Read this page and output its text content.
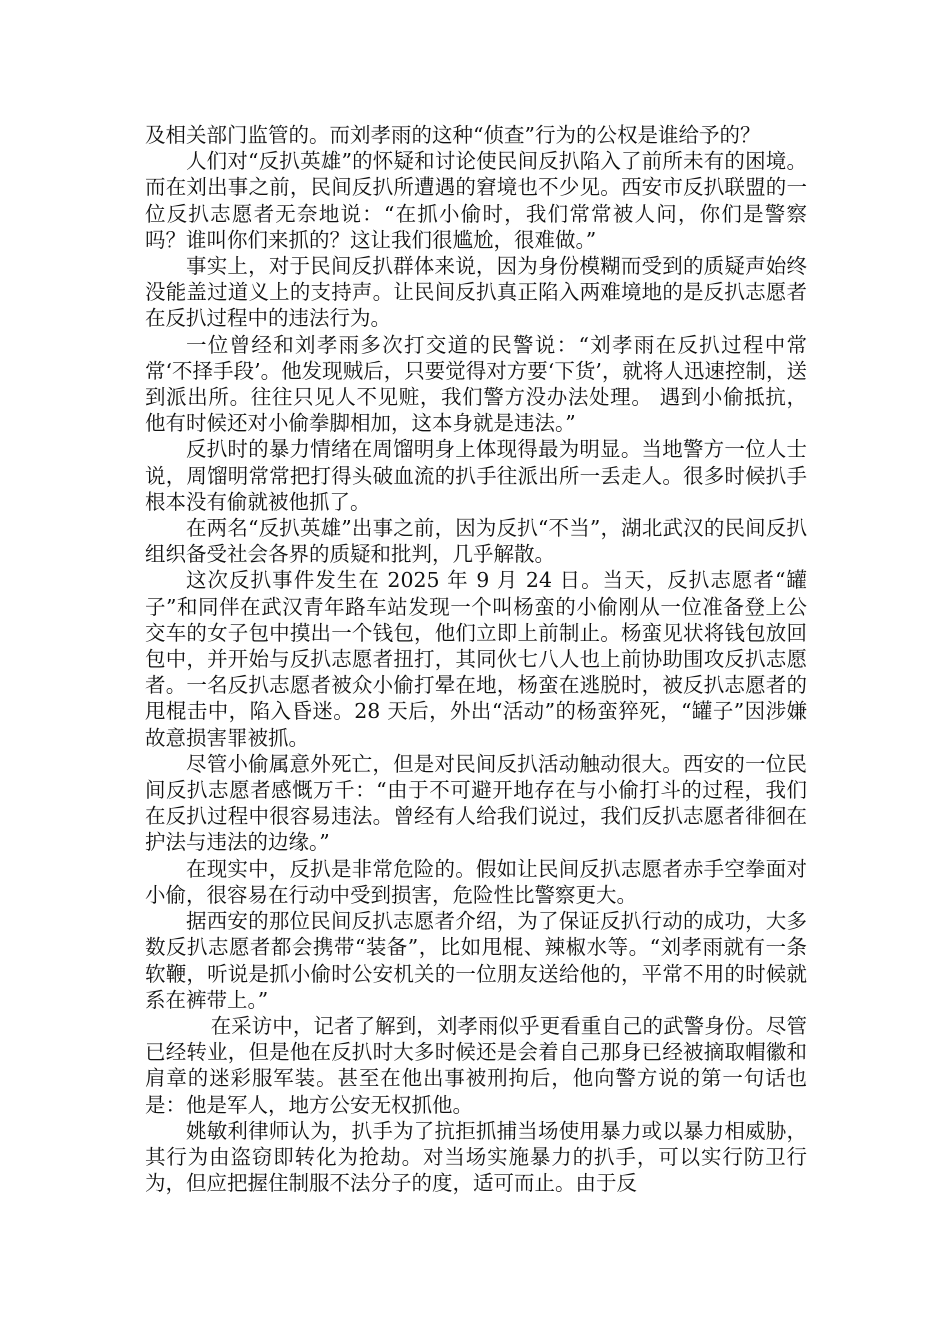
及相关部门监管的。而刘孝雨的这种“侦查”行为的公权是谁给予的？

人们对“反扒英雄”的怀疑和讨论使民间反扒陷入了前所未有的困境。而在刘出事之前，民间反扒所遭遇的窘境也不少见。西安市反扒联盟的一位反扒志愿者无奈地说：“在抓小偷时，我们常常被人问，你们是警察吗？谁叫你们来抓的？这让我们很尴尬，很难做。”

事实上，对于民间反扒群体来说，因为身份模糊而受到的质疑声始终没能盖过道义上的支持声。让民间反扒真正陷入两难境地的是反扒志愿者在反扒过程中的违法行为。

一位曾经和刘孝雨多次打交道的民警说：“刘孝雨在反扒过程中常常‘不择手段’。他发现贼后，只要觉得对方要‘下货’，就将人迅速控制，送到派出所。往往只见人不见赃，我们警方没办法处理。 遇到小偷抵抗，他有时候还对小偷拳脚相加，这本身就是违法。”

反扒时的暴力情绪在周馏明身上体现得最为明显。当地警方一位人士说，周馏明常常把打得头破血流的扒手往派出所一丢走人。很多时候扒手根本没有偷就被他抓了。

在两名“反扒英雄”出事之前，因为反扒“不当”，湖北武汉的民间反扒组织备受社会各界的质疑和批判，几乎解散。

这次反扒事件发生在 2025 年 9 月 24 日。当天，反扒志愿者“罐子”和同伴在武汉青年路车站发现一个叫杨蛮的小偷刚从一位准备登上公交车的女子包中摸出一个钱包，他们立即上前制止。杨蛮见状将钱包放回包中，并开始与反扒志愿者扭打，其同伙七八人也上前协助围攻反扒志愿者。一名反扒志愿者被众小偷打晕在地，杨蛮在逃脱时，被反扒志愿者的甩棍击中，陷入昏迷。28 天后，外出“活动”的杨蛮猝死，“罐子”因涉嫌故意损害罪被抓。

尽管小偷属意外死亡，但是对民间反扒活动触动很大。西安的一位民间反扒志愿者感慨万千：“由于不可避开地存在与小偷打斗的过程，我们在反扒过程中很容易违法。曾经有人给我们说过，我们反扒志愿者徘徊在护法与违法的边缘。”

在现实中，反扒是非常危险的。假如让民间反扒志愿者赤手空拳面对小偷，很容易在行动中受到损害，危险性比警察更大。

据西安的那位民间反扒志愿者介绍，为了保证反扒行动的成功，大多数反扒志愿者都会携带“装备”，比如甩棍、辣椒水等。“刘孝雨就有一条软鞭，听说是抓小偷时公安机关的一位朋友送给他的，平常不用的时候就系在裤带上。”

在采访中，记者了解到，刘孝雨似乎更看重自己的武警身份。尽管已经转业，但是他在反扒时大多时候还是会着自己那身已经被摘取帽徽和肩章的迷彩服军装。甚至在他出事被刑拘后，他向警方说的第一句话也是：他是军人，地方公安无权抓他。

姚敏利律师认为，扒手为了抗拒抓捕当场使用暴力或以暴力相威胁，其行为由盗窃即转化为抢劫。对当场实施暴力的扒手，可以实行防卫行为，但应把握住制服不法分子的度，适可而止。由于反
